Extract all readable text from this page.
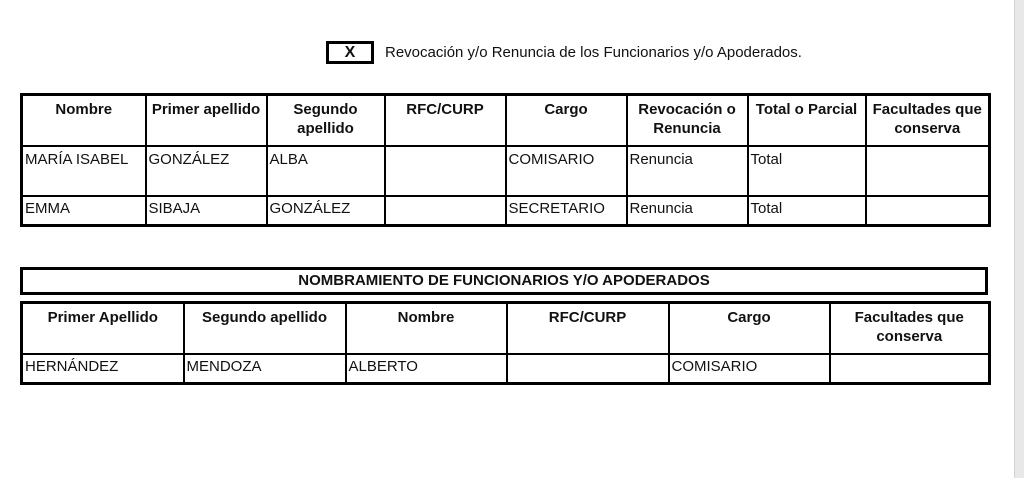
X	Revocación y/o Renuncia de los Funcionarios y/o Apoderados.
Nombre	Primer apellido	Segundo apellido	RFC/CURP	Cargo	Revocación o Renuncia	Total o Parcial	Facultades que conserva
MARÍA ISABEL	GONZÁLEZ	ALBA		COMISARIO	Renuncia	Total	
EMMA	SIBAJA	GONZÁLEZ		SECRETARIO	Renuncia	Total	
NOMBRAMIENTO DE FUNCIONARIOS Y/O APODERADOS
Primer Apellido	Segundo apellido	Nombre	RFC/CURP	Cargo	Facultades que conserva
HERNÁNDEZ	MENDOZA	ALBERTO		COMISARIO	
